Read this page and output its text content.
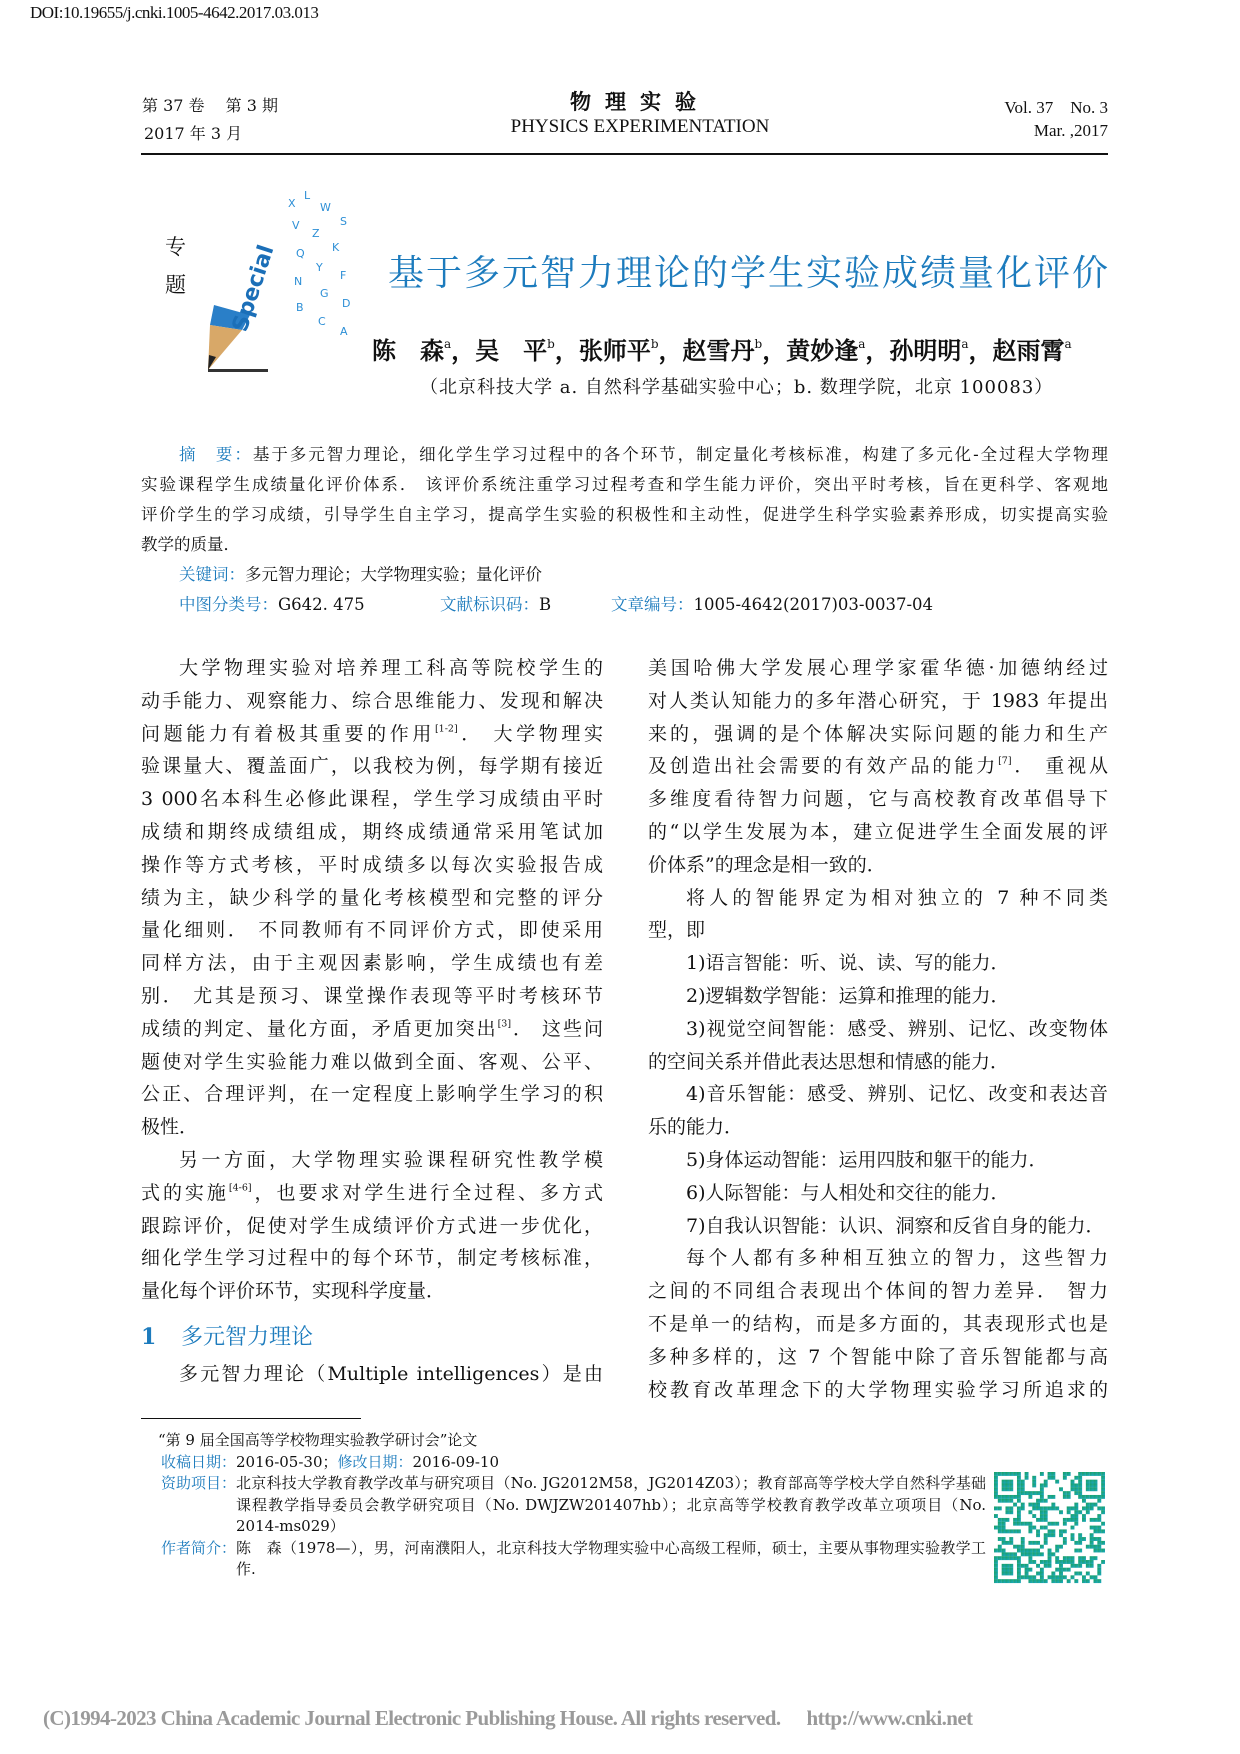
DOI:10.19655/j.cnki.1005-4642.2017.03.013
第 37 卷　 第 3 期
2017 年 3 月
物理实验
PHYSICS EXPERIMENTATION
Vol. 37　No. 3
Mar. ,2017
专题
X
L
W
S
V
Z
K
Q
Y
F
N
G
D
B
C
A
Special	基于多元智力理论的学生实验成绩量化评价
陈　森$^a$，吴　平$^b$，张师平$^b$，赵雪丹$^b$，黄妙逢$^a$，孙明明$^a$，赵雨霄$^a$
（北京科技大学 a. 自然科学基础实验中心；b. 数理学院，北京 100083）
摘　要：基于多元智力理论，细化学生学习过程中的各个环节，制定量化考核标准，构建了多元化-全过程大学物理
实验课程学生成绩量化评价体系． 该评价系统注重学习过程考查和学生能力评价，突出平时考核，旨在更科学、客观地
评价学生的学习成绩，引导学生自主学习，提高学生实验的积极性和主动性，促进学生科学实验素养形成，切实提高实验
教学的质量．
关键词：多元智力理论；大学物理实验；量化评价
中图分类号：G642. 475	文献标识码：B	文章编号：1005-4642(2017)03-0037-04
大学物理实验对培养理工科高等院校学生的
动手能力、观察能力、综合思维能力、发现和解决
问题能力有着极其重要的作用[1-2]． 大学物理实
验课量大、覆盖面广，以我校为例，每学期有接近
3 000名本科生必修此课程，学生学习成绩由平时
成绩和期终成绩组成，期终成绩通常采用笔试加
操作等方式考核，平时成绩多以每次实验报告成
绩为主，缺少科学的量化考核模型和完整的评分
量化细则． 不同教师有不同评价方式，即使采用
同样方法，由于主观因素影响，学生成绩也有差
别． 尤其是预习、课堂操作表现等平时考核环节
成绩的判定、量化方面，矛盾更加突出[3]． 这些问
题使对学生实验能力难以做到全面、客观、公平、
公正、合理评判，在一定程度上影响学生学习的积
极性．
另一方面，大学物理实验课程研究性教学模
式的实施[4-6]，也要求对学生进行全过程、多方式
跟踪评价，促使对学生成绩评价方式进一步优化，
细化学生学习过程中的每个环节，制定考核标准，
量化每个评价环节，实现科学度量．
1 多元智力理论
多元智力理论（Multiple intelligences）是由
美国哈佛大学发展心理学家霍华德·加德纳经过
对人类认知能力的多年潜心研究，于 1983 年提出
来的，强调的是个体解决实际问题的能力和生产
及创造出社会需要的有效产品的能力[7]． 重视从
多维度看待智力问题，它与高校教育改革倡导下
的“以学生发展为本，建立促进学生全面发展的评
价体系”的理念是相一致的．
将人的智能界定为相对独立的 7 种不同类
型，即
1)语言智能：听、说、读、写的能力．
2)逻辑数学智能：运算和推理的能力．
3)视觉空间智能：感受、辨别、记忆、改变物体
的空间关系并借此表达思想和情感的能力．
4)音乐智能：感受、辨别、记忆、改变和表达音
乐的能力．
5)身体运动智能：运用四肢和躯干的能力．
6)人际智能：与人相处和交往的能力．
7)自我认识智能：认识、洞察和反省自身的能力．
每个人都有多种相互独立的智力，这些智力
之间的不同组合表现出个体间的智力差异． 智力
不是单一的结构，而是多方面的，其表现形式也是
多种多样的，这 7 个智能中除了音乐智能都与高
校教育改革理念下的大学物理实验学习所追求的
“第 9 届全国高等学校物理实验教学研讨会”论文
收稿日期： 2016-05-30； 修改日期： 2016-09-10
资助项目： 北京科技大学教育教学改革与研究项目（No. JG2012M58，JG2014Z03）；教育部高等学校大学自然科学基础课程教学指导委员会教学研究项目（No. DWJZW201407hb）；北京高等学校教育教学改革立项项目（No. 2014-ms029）
作者简介： 陈　森（1978—），男，河南濮阳人，北京科技大学物理实验中心高级工程师，硕士，主要从事物理实验教学工作.
(C)1994-2023 China Academic Journal Electronic Publishing House. All rights reserved. http://www.cnki.net
